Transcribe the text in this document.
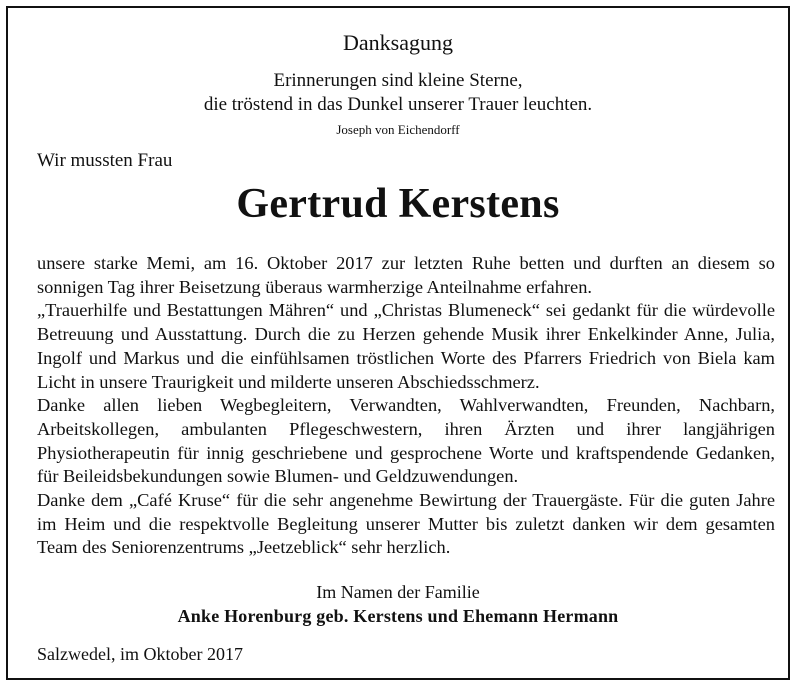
Danksagung
Erinnerungen sind kleine Sterne,
die tröstend in das Dunkel unserer Trauer leuchten.
Joseph von Eichendorff
Wir mussten Frau
Gertrud Kerstens

unsere starke Memi, am 16. Oktober 2017 zur letzten Ruhe betten und durften an diesem so sonnigen Tag ihrer Beisetzung überaus warmherzige Anteilnahme erfahren.

„Trauerhilfe und Bestattungen Mähren“ und „Christas Blumeneck“ sei gedankt für die würdevolle Betreuung und Ausstattung. Durch die zu Herzen gehende Musik ihrer Enkelkinder Anne, Julia, Ingolf und Markus und die einfühlsamen tröstlichen Worte des Pfarrers Friedrich von Biela kam Licht in unsere Traurigkeit und milderte unseren Abschiedsschmerz.

Danke allen lieben Wegbegleitern, Verwandten, Wahlverwandten, Freunden, Nachbarn, Arbeitskollegen, ambulanten Pflegeschwestern, ihren Ärzten und ihrer langjährigen Physiotherapeutin für innig geschriebene und gesprochene Worte und kraftspendende Gedanken, für Beileidsbekundungen sowie Blumen- und Geldzuwendungen.

Danke dem „Café Kruse“ für die sehr angenehme Bewirtung der Trauergäste. Für die guten Jahre im Heim und die respektvolle Begleitung unserer Mutter bis zuletzt danken wir dem gesamten Team des Seniorenzentrums „Jeetzeblick“ sehr herzlich.

Im Namen der Familie
Anke Horenburg geb. Kerstens und Ehemann Hermann
Salzwedel, im Oktober 2017
